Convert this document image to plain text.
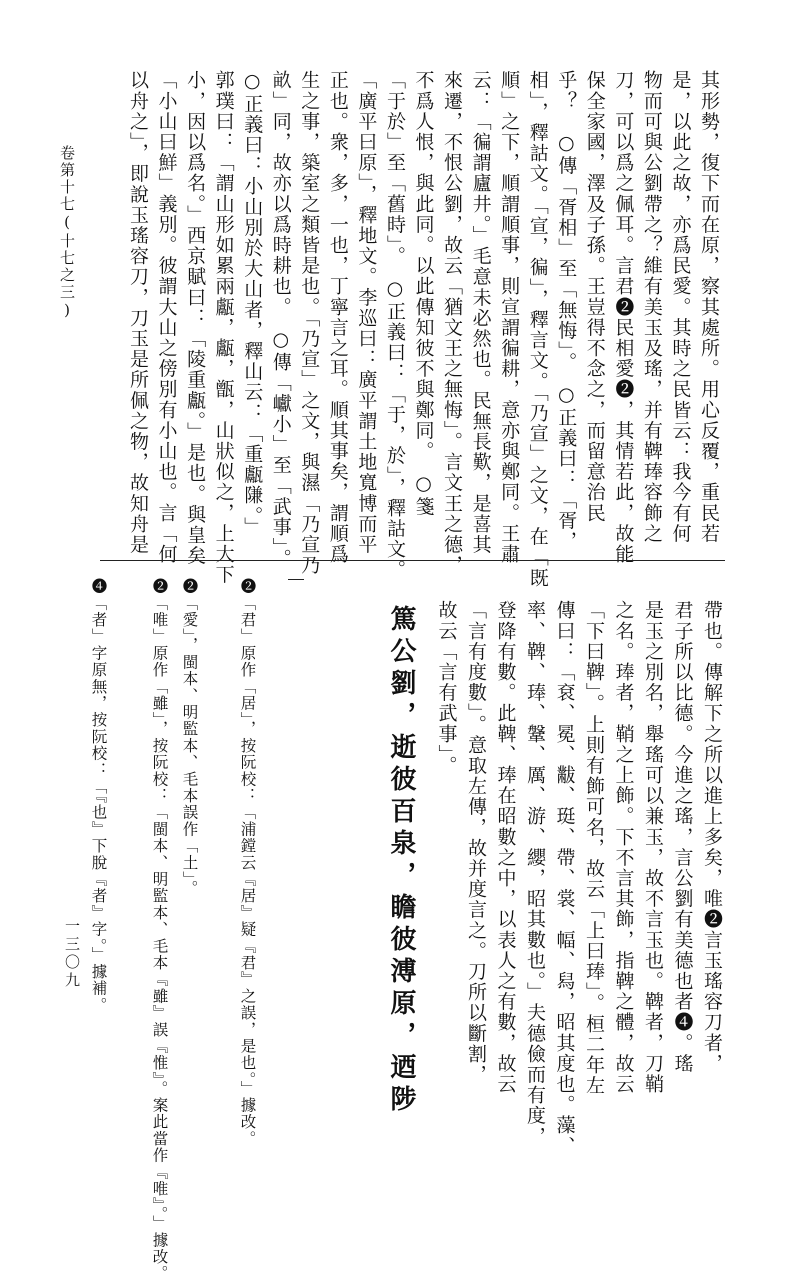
卷第十七(十七之三)	其形勢，復下而在原，察其處所。用心反覆，重民若
是，以此之故，亦爲民愛。其時之民皆云：我今有何
物而可與公劉帶之？維有美玉及瑤，并有鞞琫容飾之
刀，可以爲之佩耳。言君❷民相愛❷，其情若此，故能
保全家國，澤及子孫。王豈得不念之，而留意治民
乎？　○傳「胥相」至「無悔」。　○正義曰：「胥，
相」，釋詁文。「宣，徧」，釋言文。「乃宣」之文，在「既
順」之下，順謂順事，則宣謂徧耕，意亦與鄭同。王肅
云：「徧謂廬井。」毛意未必然也。民無長歎，是喜其
來遷，不恨公劉，故云「猶文王之無悔」。言文王之德，
不爲人恨，與此同。以此傳知彼不與鄭同。　○箋
「于於」至「舊時」。　○正義曰：「于，於」，釋詁文。
「廣平曰原」，釋地文。李巡曰：廣平謂土地寬博而平
正也。衆，多，一也，丁寧言之耳。順其事矣，謂順爲
生之事，築室之類皆是也。「乃宣」之文，與濕「乃宣乃
畝」同，故亦以爲時耕也。　○傳「巘小」至「武事」。
○正義曰：小山別於大山者，釋山云：「重甗隒。」
郭璞曰：「謂山形如累兩甗，甗，甑，山狀似之，上大下
小，因以爲名。」西京賦曰：「陵重甗。」是也。與皇矣
「小山曰鮮」義別。彼謂大山之傍別有小山也。言「何
以舟之」，即說玉瑤容刀，刀玉是所佩之物，故知舟是
帶也。傳解下之所以進上多矣，唯❷言玉瑤容刀者，
君子所以比德。今進之瑤，言公劉有美德也者❹。瑤
是玉之別名，舉瑤可以兼玉，故不言玉也。鞞者，刀鞘
之名。琫者，鞘之上飾。下不言其飾，指鞞之體，故云
「下曰鞞」。上則有飾可名，故云「上曰琫」。桓二年左
傳曰：「袞、冕、黻、珽、帶、裳、幅、舄，昭其度也。藻、
率、鞞、琫、鞶、厲、游、纓，昭其數也。」夫德儉而有度，
登降有數。此鞞、琫在昭數之中，以表人之有數，故云
「言有度數」。意取左傳，故并度言之。刀所以斷割，
故云「言有武事」。
篤公劉，逝彼百泉，瞻彼溥原，迺陟
❷「君」原作「居」，按阮校：「浦鏜云『居』疑『君』之誤，是也。」據改。
❷「愛」，閩本、明監本、毛本誤作「土」。
❷「唯」原作「雖」，按阮校：「閩本、明監本、毛本『雖』誤『惟』。案此當作『唯』。」據改。
❹「者」字原無，按阮校：「『也』下脫『者』字。」據補。
一三〇九
